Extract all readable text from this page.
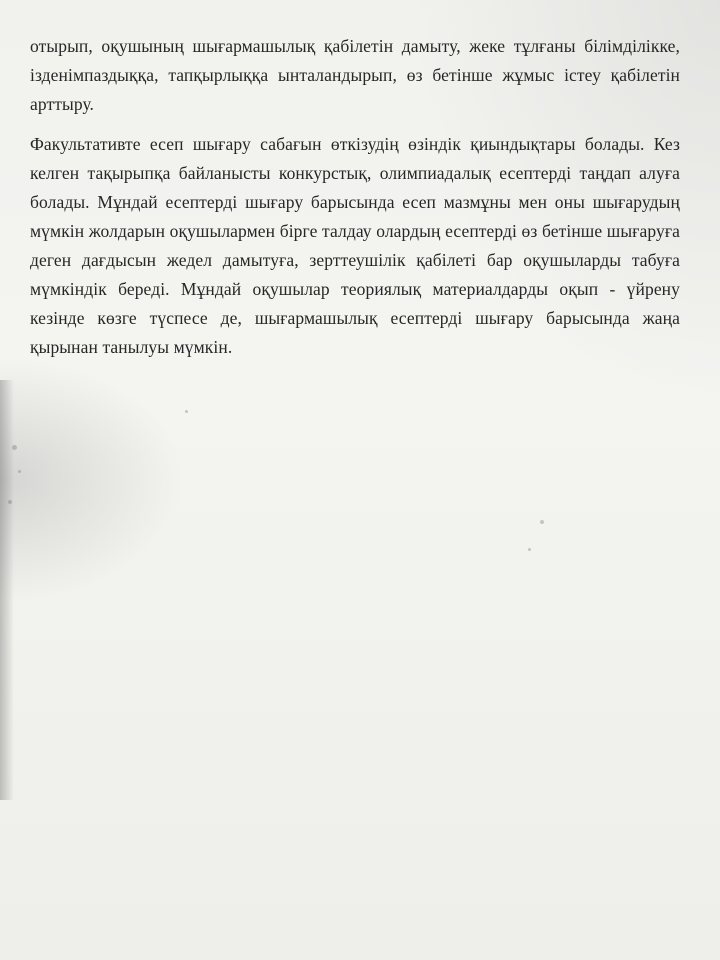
отырып, оқушының шығармашылық қабілетін дамыту, жеке тұлғаны білімділікке, ізденімпаздыққа, тапқырлыққа ынталандырып, өз бетінше жұмыс істеу қабілетін арттыру.

Факультативте есеп шығару сабағын өткізудің өзіндік қиындықтары болады. Кез келген тақырыпқа байланысты конкурстық, олимпиадалық есептерді таңдап алуға болады. Мұндай есептерді шығару барысында есеп мазмұны мен оны шығарудың мүмкін жолдарын оқушылармен бірге талдау олардың есептерді өз бетінше шығаруға деген дағдысын жедел дамытуға, зерттеушілік қабілеті бар оқушыларды табуға мүмкіндік береді. Мұндай оқушылар теориялық материалдарды оқып - үйрену кезінде көзге түспесе де, шығармашылық есептерді шығару барысында жаңа қырынан танылуы мүмкін.
